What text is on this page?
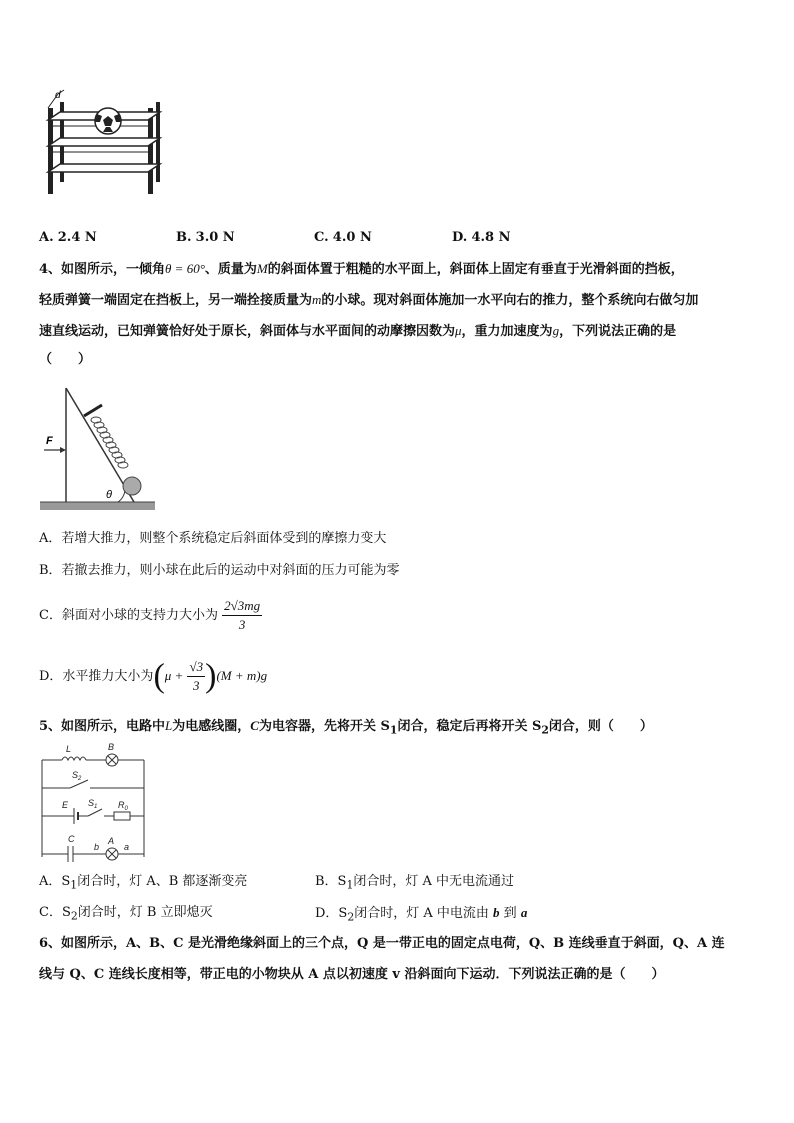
d
A. 2.4 N	B. 3.0 N	C. 4.0 N	D. 4.8 N
4、如图所示，一倾角θ = 60°、质量为M的斜面体置于粗糙的水平面上，斜面体上固定有垂直于光滑斜面的挡板，
轻质弹簧一端固定在挡板上，另一端拴接质量为m的小球。现对斜面体施加一水平向右的推力，整个系统向右做匀加
速直线运动，已知弹簧恰好处于原长，斜面体与水平面间的动摩擦因数为μ，重力加速度为g，下列说法正确的是
（　　）
θ
F
A．若增大推力，则整个系统稳定后斜面体受到的摩擦力变大
B．若撤去推力，则小球在此后的运动中对斜面的压力可能为零
C．斜面对小球的支持力大小为 $\frac{2√3mg}{3}$
D．水平推力大小为$(\mu + \frac{√3}{3} )(M + m)g$
5、如图所示，电路中L为电感线圈，C为电容器，先将开关 $S_1$闭合，稳定后再将开关 $S_2$闭合，则（　　）
L	B
$S_2$
E $S_1$ $R_0$
C
b
A
a
A．$S_1$闭合时，灯 A、B 都逐渐变亮	B．$S_1$闭合时，灯 A 中无电流通过
C．$S_2$闭合时，灯 B 立即熄灭	D．$S_2$闭合时，灯 A 中电流由 b 到 a
6、如图所示，A、B、C 是光滑绝缘斜面上的三个点，Q 是一带正电的固定点电荷，Q、B 连线垂直于斜面，Q、A 连
线与 Q、C 连线长度相等，带正电的小物块从 A 点以初速度 v 沿斜面向下运动．下列说法正确的是（　　）
